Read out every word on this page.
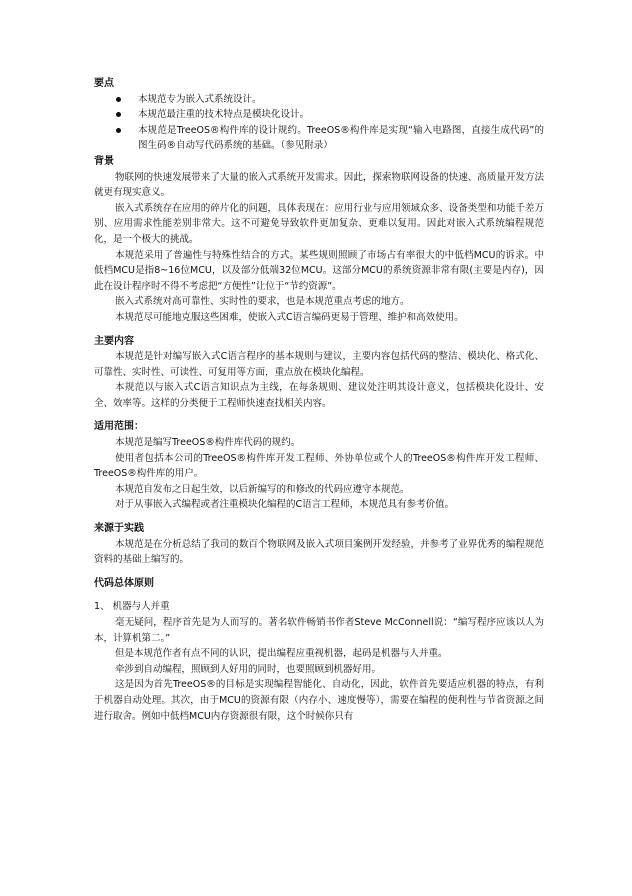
要点
本规范专为嵌入式系统设计。
本规范最注重的技术特点是模块化设计。
本规范是TreeOS®构件库的设计规约。TreeOS®构件库是实现“输入电路图，直接生成代码”的图生码®自动写代码系统的基础。（参见附录）
背景

物联网的快速发展带来了大量的嵌入式系统开发需求。因此，探索物联网设备的快速、高质量开发方法就更有现实意义。

嵌入式系统存在应用的碎片化的问题，具体表现在：应用行业与应用领域众多、设备类型和功能千差万别、应用需求性能差别非常大。这不可避免导致软件更加复杂、更难以复用。因此对嵌入式系统编程规范化，是一个极大的挑战。

本规范采用了普遍性与特殊性结合的方式。某些规则照顾了市场占有率很大的中低档MCU的诉求。中低档MCU是指8~16位MCU，以及部分低端32位MCU。这部分MCU的系统资源非常有限(主要是内存)，因此在设计程序时不得不考虑把“方便性”让位于“节约资源”。

嵌入式系统对高可靠性、实时性的要求，也是本规范重点考虑的地方。

本规范尽可能地克服这些困难，使嵌入式C语言编码更易于管理、维护和高效使用。

主要内容

本规范是针对编写嵌入式C语言程序的基本规则与建议，主要内容包括代码的整洁、模块化、格式化、可靠性、实时性、可读性、可复用等方面，重点放在模块化编程。

本规范以与嵌入式C语言知识点为主线，在每条规则、建议处注明其设计意义，包括模块化设计、安全、效率等。这样的分类便于工程师快速查找相关内容。

适用范围：

本规范是编写TreeOS®构件库代码的规约。

使用者包括本公司的TreeOS®构件库开发工程师、外协单位或个人的TreeOS®构件库开发工程师、TreeOS®构件库的用户。

本规范自发布之日起生效，以后新编写的和修改的代码应遵守本规范。

对于从事嵌入式编程或者注重模块化编程的C语言工程师，本规范具有参考价值。

来源于实践

本规范是在分析总结了我司的数百个物联网及嵌入式项目案例开发经验，并参考了业界优秀的编程规范资料的基础上编写的。

代码总体原则

1、 机器与人并重

毫无疑问，程序首先是为人而写的。著名软件畅销书作者Steve McConnell说：“编写程序应该以人为本，计算机第二。”

但是本规范作者有点不同的认识，提出编程应重视机器，起码是机器与人并重。

牵涉到自动编程，照顾到人好用的同时，也要照顾到机器好用。

这是因为首先TreeOS®的目标是实现编程智能化、自动化，因此，软件首先要适应机器的特点，有利于机器自动处理。其次，由于MCU的资源有限（内存小、速度慢等），需要在编程的便利性与节省资源之间进行取舍。例如中低档MCU内存资源很有限，这个时候你只有
